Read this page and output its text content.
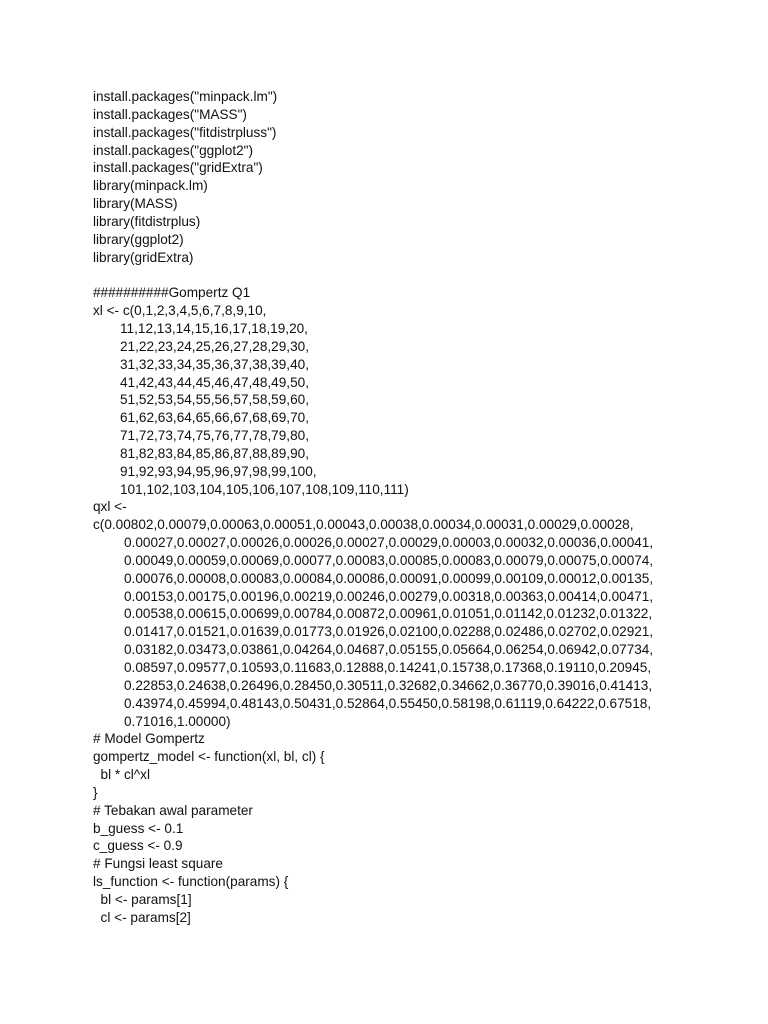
install.packages("minpack.lm")
install.packages("MASS")
install.packages("fitdistrpluss")
install.packages("ggplot2")
install.packages("gridExtra")
library(minpack.lm)
library(MASS)
library(fitdistrplus)
library(ggplot2)
library(gridExtra)
##########Gompertz Q1
xl <- c(0,1,2,3,4,5,6,7,8,9,10,
11,12,13,14,15,16,17,18,19,20,
21,22,23,24,25,26,27,28,29,30,
31,32,33,34,35,36,37,38,39,40,
41,42,43,44,45,46,47,48,49,50,
51,52,53,54,55,56,57,58,59,60,
61,62,63,64,65,66,67,68,69,70,
71,72,73,74,75,76,77,78,79,80,
81,82,83,84,85,86,87,88,89,90,
91,92,93,94,95,96,97,98,99,100,
101,102,103,104,105,106,107,108,109,110,111)
qxl <-
c(0.00802,0.00079,0.00063,0.00051,0.00043,0.00038,0.00034,0.00031,0.00029,0.00028,
0.00027,0.00027,0.00026,0.00026,0.00027,0.00029,0.00003,0.00032,0.00036,0.00041,
0.00049,0.00059,0.00069,0.00077,0.00083,0.00085,0.00083,0.00079,0.00075,0.00074,
0.00076,0.00008,0.00083,0.00084,0.00086,0.00091,0.00099,0.00109,0.00012,0.00135,
0.00153,0.00175,0.00196,0.00219,0.00246,0.00279,0.00318,0.00363,0.00414,0.00471,
0.00538,0.00615,0.00699,0.00784,0.00872,0.00961,0.01051,0.01142,0.01232,0.01322,
0.01417,0.01521,0.01639,0.01773,0.01926,0.02100,0.02288,0.02486,0.02702,0.02921,
0.03182,0.03473,0.03861,0.04264,0.04687,0.05155,0.05664,0.06254,0.06942,0.07734,
0.08597,0.09577,0.10593,0.11683,0.12888,0.14241,0.15738,0.17368,0.19110,0.20945,
0.22853,0.24638,0.26496,0.28450,0.30511,0.32682,0.34662,0.36770,0.39016,0.41413,
0.43974,0.45994,0.48143,0.50431,0.52864,0.55450,0.58198,0.61119,0.64222,0.67518,
0.71016,1.00000)
# Model Gompertz
gompertz_model <- function(xl, bl, cl) {
bl * cl^xl
}
# Tebakan awal parameter
b_guess <- 0.1
c_guess <- 0.9
# Fungsi least square
ls_function <- function(params) {
bl <- params[1]
cl <- params[2]
